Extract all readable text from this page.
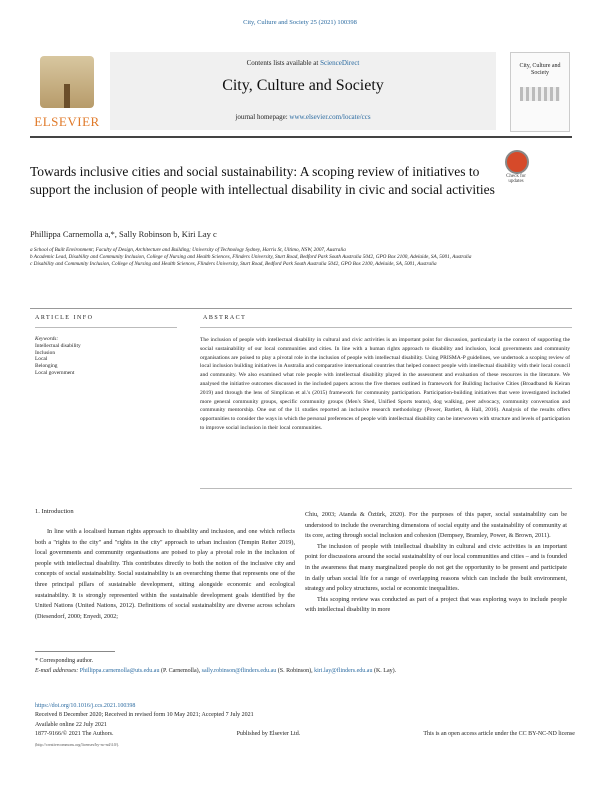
City, Culture and Society 25 (2021) 100398
ELSEVIER
Contents lists available at ScienceDirect
City, Culture and Society
journal homepage: www.elsevier.com/locate/ccs
City, Culture and Society
Towards inclusive cities and social sustainability: A scoping review of initiatives to support the inclusion of people with intellectual disability in civic and social activities
Check for updates
Phillippa Carnemolla a,*, Sally Robinson b, Kiri Lay c
a School of Built Environment; Faculty of Design, Architecture and Building; University of Technology Sydney, Harris St, Ultimo, NSW, 2007, Australia
b Academic Lead, Disability and Community Inclusion, College of Nursing and Health Sciences, Flinders University, Sturt Road, Bedford Park South Australia 5042, GPO Box 2100, Adelaide, SA, 5001, Australia
c Disability and Community Inclusion, College of Nursing and Health Sciences, Flinders University, Sturt Road, Bedford Park South Australia 5042, GPO Box 2100, Adelaide, SA, 5001, Australia
ARTICLE INFO	ABSTRACT
Keywords:
Intellectual disability
Inclusion
Local
Belonging
Local government
The inclusion of people with intellectual disability in cultural and civic activities is an important point for discussion, particularly in the context of supporting the social sustainability of our local communities and cities. In line with a human rights approach to disability and inclusion, local governments and community organisations are poised to play a pivotal role in the inclusion of people with intellectual disability. Using PRISMA-P guidelines, we undertook a scoping review of local inclusion building initiatives in Australia and comparative international countries that helped connect people with intellectual disability with their local council and community. We also examined what role people with intellectual disability played in the assessment and evaluation of these resources in the literature. We analysed the initiative outcomes discussed in the included papers across the five themes outlined in framework for Building Inclusive Cities (Broadband & Keiran 2019) and through the lens of Simplican et al.'s (2015) framework for community participation. Participation-building initiatives that were investigated included more general community groups, specific community groups (Men's Shed, Unified Sports teams), dog walking, peer advocacy, community conversation and community mentorship. One out of the 11 studies reported an inclusive research methodology (Power, Bartlett, & Hall, 2016). Analysis of the results offers opportunities to consider the ways in which the personal preferences of people with intellectual disability can be interwoven with structure and levels of participation to improve social inclusion in their local communities.
1. Introduction
In line with a localised human rights approach to disability and inclusion, and one which reflects both a "rights to the city" and "rights in the city" approach to urban inclusion (Tempin Reiter 2019), local governments and community organisations are poised to play a pivotal role in the inclusion of people with intellectual disability. This contributes directly to both the notion of the inclusive city and concepts of social sustainability. Social sustainability is an overarching theme that represents one of the three principal pillars of sustainable development, sitting alongside economic and ecological sustainability. It is strongly represented within the sustainable development goals identified by the United Nations (United Nations, 2012). Definitions of social sustainability are diverse across scholars (Diesendorf, 2000; Enyedi, 2002;

Chiu, 2003; Atanda & Öztürk, 2020). For the purposes of this paper, social sustainability can be understood to include the overarching dimensions of social equity and the sustainability of community at its core, acting through social inclusion and cohesion (Dempsey, Bramley, Power, & Brown, 2011).

The inclusion of people with intellectual disability in cultural and civic activities is an important point for discussions around the social sustainability of our local communities and cities – and is founded in the awareness that many marginalized people do not get the opportunity to be present and participate in daily urban social life for a range of overlapping reasons which can include the built environment, strategy and policy structures, social or economic inequalities.

This scoping review was conducted as part of a project that was exploring ways to include people with intellectual disability in more

* Corresponding author.
E-mail addresses: Phillippa.carnemolla@uts.edu.au (P. Carnemolla), sally.robinson@flinders.edu.au (S. Robinson), kiri.lay@flinders.edu.au (K. Lay).
https://doi.org/10.1016/j.ccs.2021.100398
Received 8 December 2020; Received in revised form 10 May 2021; Accepted 7 July 2021
Available online 22 July 2021
1877-9166/© 2021 The Authors.	Published by Elsevier Ltd.	This is an open access article under the CC BY-NC-ND license
(http://creativecommons.org/licenses/by-nc-nd/4.0/).
